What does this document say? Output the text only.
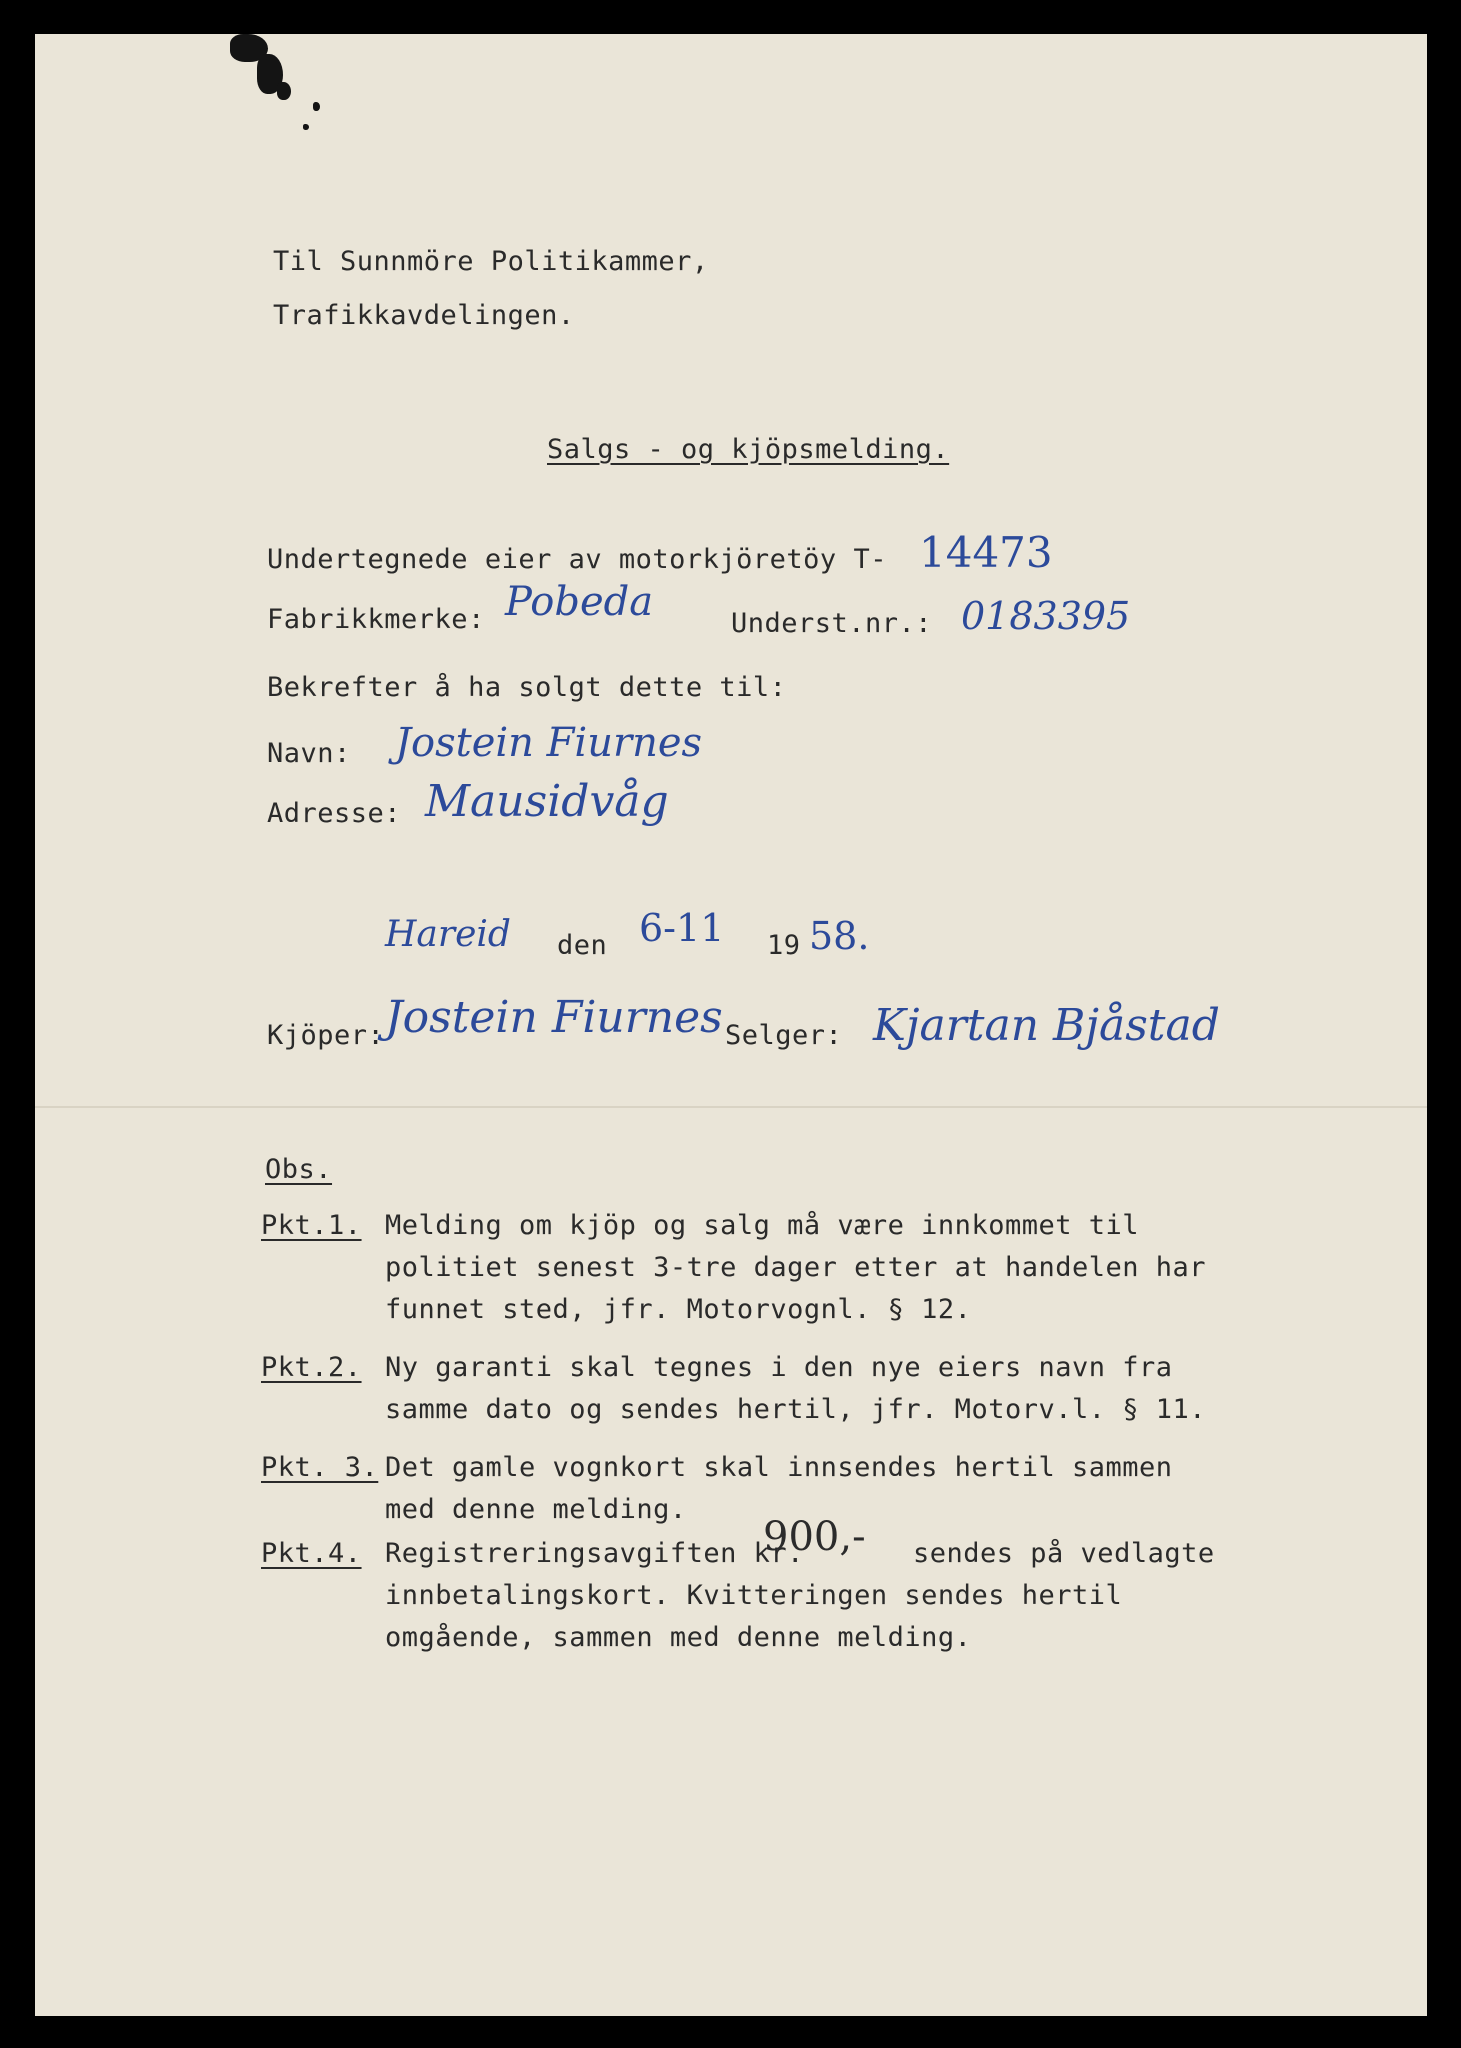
Til Sunnmöre Politikammer,
Trafikkavdelingen.
Salgs - og kjöpsmelding.
Undertegnede eier av motorkjöretöy T- 14473
Fabrikkmerke: Pobeda	Underst.nr.: 0183395
Bekrefter å ha solgt dette til:
Navn: Jostein Fiurnes
Adresse: Mausidvåg
Hareid den 6-11 19 58.
Kjöper: Jostein Fiurnes Selger: Kjartan Bjåstad
Obs.
Pkt.1. Melding om kjöp og salg må være innkommet til
politiet senest 3-tre dager etter at handelen har
funnet sted, jfr. Motorvognl. § 12.
Pkt.2. Ny garanti skal tegnes i den nye eiers navn fra
samme dato og sendes hertil, jfr. Motorv.l. § 11.
Pkt. 3. Det gamle vognkort skal innsendes hertil sammen
med denne melding.
Pkt.4. Registreringsavgiften kr.
900,- sendes på vedlagte
innbetalingskort. Kvitteringen sendes hertil
omgående, sammen med denne melding.
